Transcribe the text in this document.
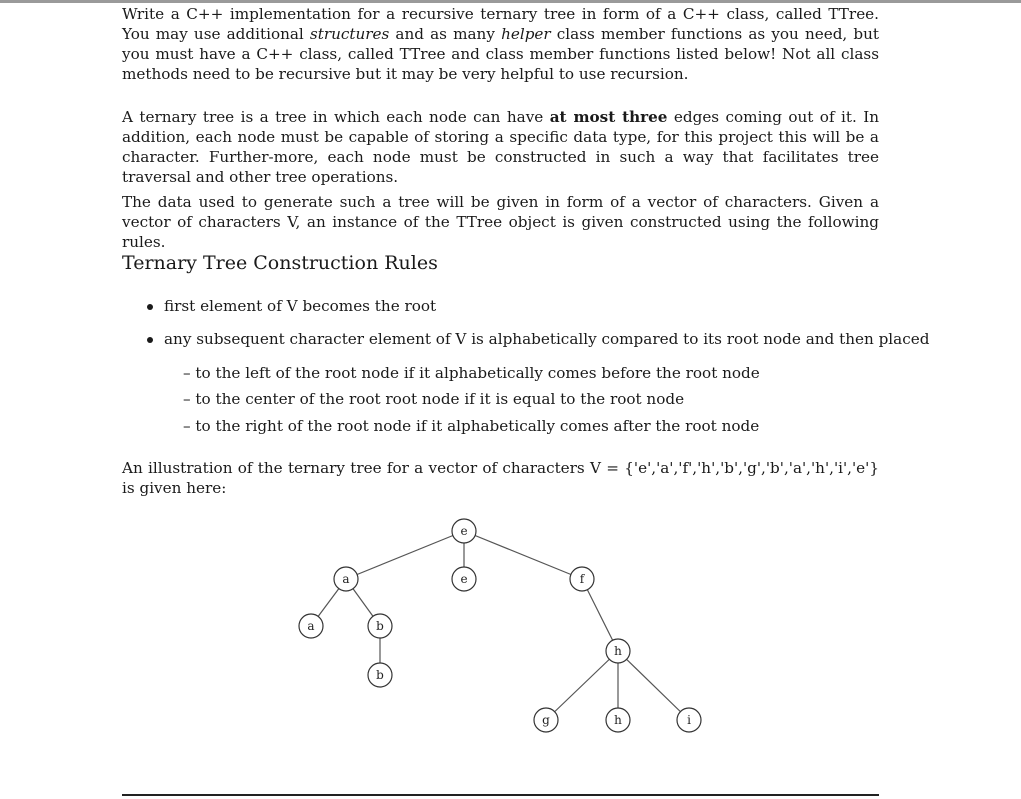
Write a C++ implementation for a recursive ternary tree in form of a C++ class, called TTree. You may use additional structures and as many helper class member functions as you need, but you must have a C++ class, called TTree and class member functions listed below! Not all class methods need to be recursive but it may be very helpful to use recursion.

A ternary tree is a tree in which each node can have at most three edges coming out of it. In addition, each node must be capable of storing a specific data type, for this project this will be a character. Further-more, each node must be constructed in such a way that facilitates tree traversal and other tree operations.

The data used to generate such a tree will be given in form of a vector of characters. Given a vector of characters V, an instance of the TTree object is given constructed using the following rules.

Ternary Tree Construction Rules
first element of V becomes the root
any subsequent character element of V is alphabetically compared to its root node and then placed
– to the left of the root node if it alphabetically comes before the root node
– to the center of the root root node if it is equal to the root node
– to the right of the root node if it alphabetically comes after the root node

An illustration of the ternary tree for a vector of characters V = {'e','a','f','h','b','g','b','a','h','i','e'} is given here:

e
a	e	f
a	b
b
h
g	h	i
